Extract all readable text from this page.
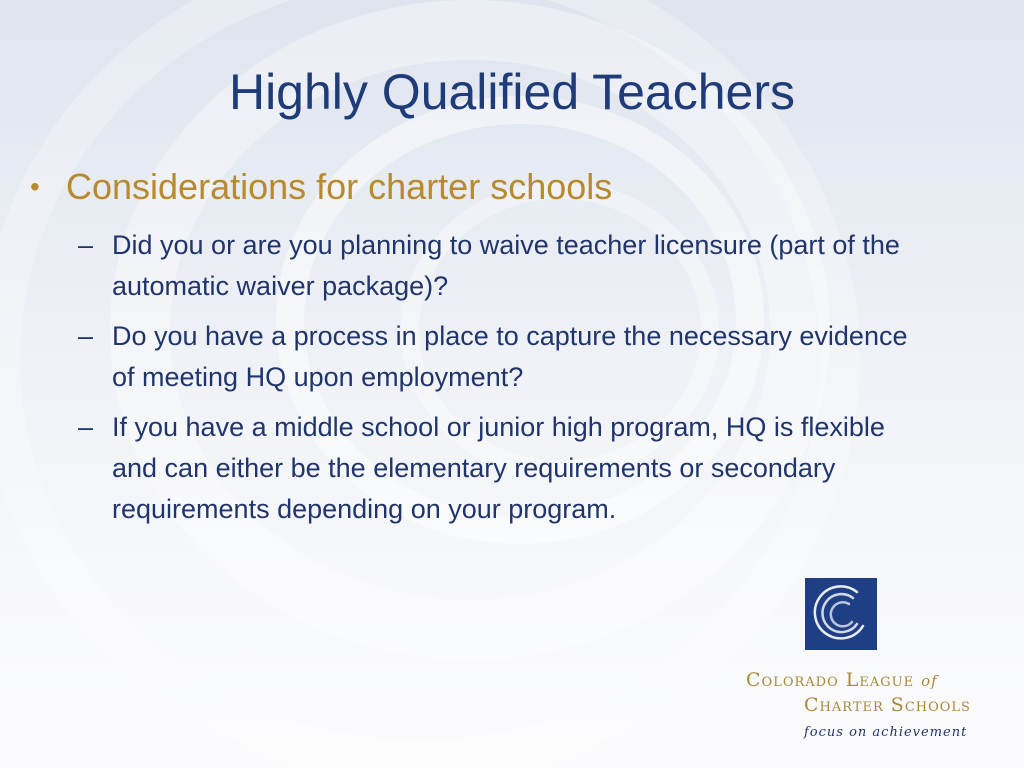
Highly Qualified Teachers
• Considerations for charter schools
– Did you or are you planning to waive teacher licensure (part of the automatic waiver package)?
– Do you have a process in place to capture the necessary evidence of meeting HQ upon employment?
– If you have a middle school or junior high program, HQ is flexible and can either be the elementary requirements or secondary requirements depending on your program.
Colorado League of
Charter Schools
focus on achievement
